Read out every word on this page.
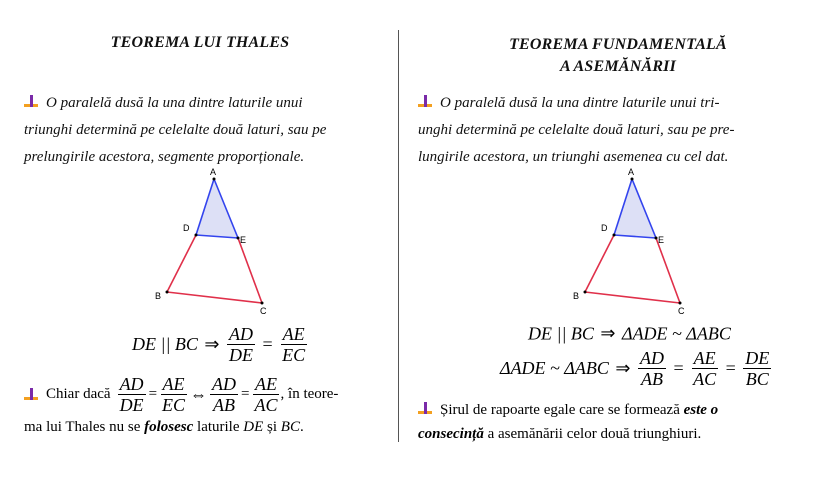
TEOREMA LUI THALES
O paralelă dusă la una dintre laturile unui
triunghi determină pe celelalte două laturi, sau pe
prelungirile acestora, segmente proporționale.
A
D
E
B
C
DE || BC ⇒ $\frac{AD}{DE} = \frac{AE}{EC}$
Chiar dacă $\frac{AD}{DE} = \frac{AE}{EC}$ ⇔ $\frac{AD}{AB} = \frac{AE}{AC}$ , în teore-
ma lui Thales nu se folosesc laturile DE și BC.
TEOREMA FUNDAMENTALĂ
A ASEMĂNĂRII
O paralelă dusă la una dintre laturile unui tri-
unghi determină pe celelalte două laturi, sau pe pre-
lungirile acestora, un triunghi asemenea cu cel dat.
A
D
E
B
C
DE || BC ⇒ ΔADE ~ ΔABC
ΔADE ~ ΔABC ⇒ $\frac{AD}{AB} = \frac{AE}{AC} = \frac{DE}{BC}$
Șirul de rapoarte egale care se formează este o
consecință a asemănării celor două triunghiuri.
